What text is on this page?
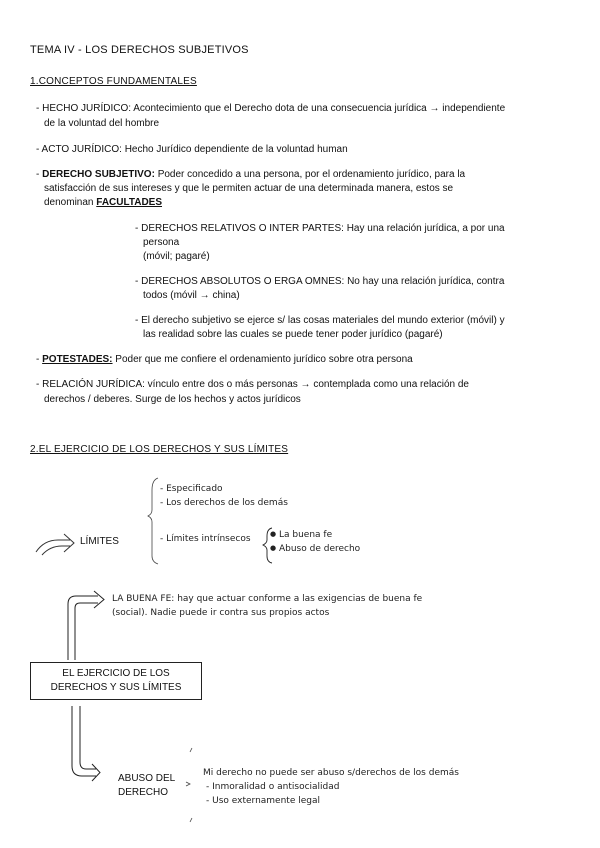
TEMA IV - LOS DERECHOS SUBJETIVOS
1.CONCEPTOS FUNDAMENTALES
- HECHO JURÍDICO: Acontecimiento que el Derecho dota de una consecuencia jurídica → independiente
de la voluntad del hombre
- ACTO JURÍDICO: Hecho Jurídico dependiente de la voluntad human
- DERECHO SUBJETIVO: Poder concedido a una persona, por el ordenamiento jurídico, para la
satisfacción de sus intereses y que le permiten actuar de una determinada manera, estos se
denominan FACULTADES
- DERECHOS RELATIVOS O INTER PARTES: Hay una relación jurídica, a por una
persona
(móvil; pagaré)
- DERECHOS ABSOLUTOS O ERGA OMNES: No hay una relación jurídica, contra
todos (móvil → china)
- El derecho subjetivo se ejerce s/ las cosas materiales del mundo exterior (móvil) y
las realidad sobre las cuales se puede tener poder jurídico (pagaré)
- POTESTADES: Poder que me confiere el ordenamiento jurídico sobre otra persona
- RELACIÓN JURÍDICA: vínculo entre dos o más personas → contemplada como una relación de
derechos / deberes. Surge de los hechos y actos jurídicos
2.EL EJERCICIO DE LOS DERECHOS Y SUS LÍMITES
LÍMITES
- Especificado
- Los derechos de los demás
- Límites intrínsecos	● La buena fe
● Abuso de derecho
LA BUENA FE: hay que actuar conforme a las exigencias de buena fe
(social). Nadie puede ir contra sus propios actos
EL EJERCICIO DE LOS
DERECHOS Y SUS LÍMITES
ABUSO DEL
DERECHO
Mi derecho no puede ser abuso s/derechos de los demás
- Inmoralidad o antisocialidad
- Uso externamente legal
